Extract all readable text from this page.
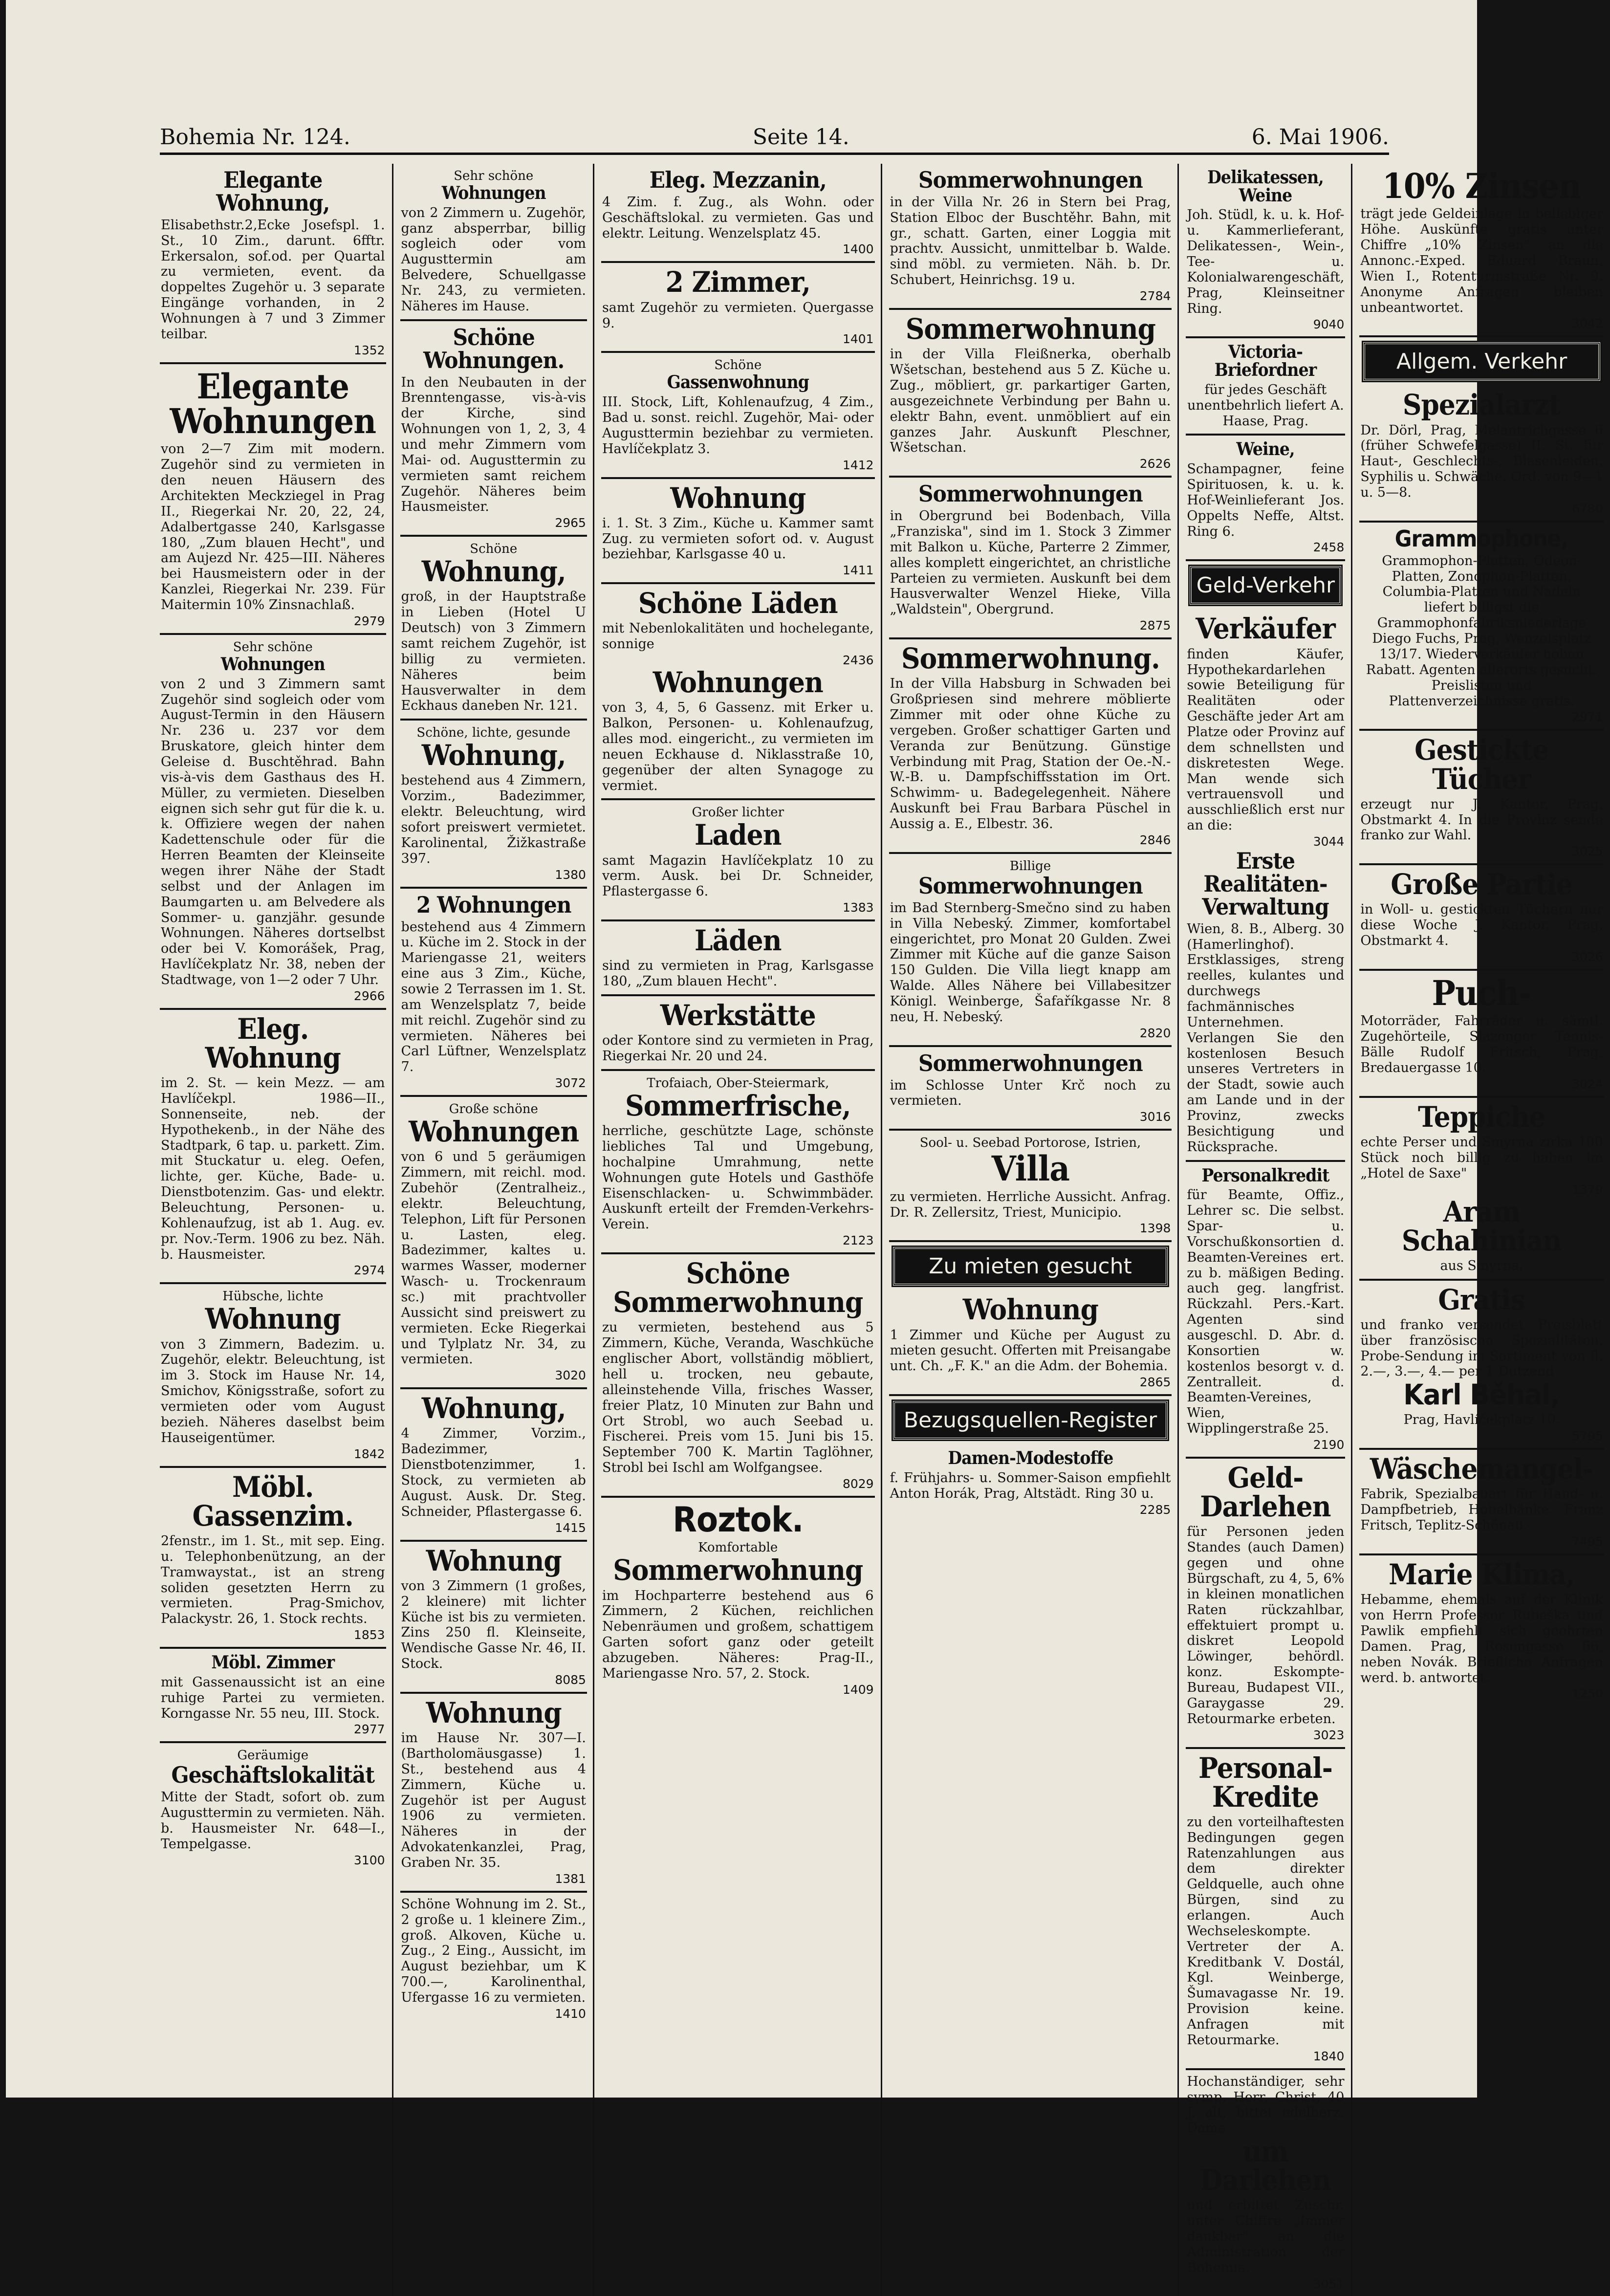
Bohemia Nr. 124.	Seite 14.	6. Mai 1906.
Elegante Wohnung,

Elisabethstr.2,Ecke Josefspl. 1. St., 10 Zim., darunt. 6fftr. Erkersalon, sof.od. per Quartal zu vermieten, event. da doppeltes Zugehör u. 3 separate Eingänge vorhanden, in 2 Wohnungen à 7 und 3 Zimmer teilbar.

1352
Elegante Wohnungen

von 2—7 Zim mit modern. Zugehör sind zu vermieten in den neuen Häusern des Architekten Meckziegel in Prag II., Riegerkai Nr. 20, 22, 24, Adalbertgasse 240, Karlsgasse 180, „Zum blauen Hecht", und am Aujezd Nr. 425—III. Näheres bei Hausmeistern oder in der Kanzlei, Riegerkai Nr. 239. Für Maitermin 10% Zinsnachlaß.

2979
Sehr schöne
Wohnungen

von 2 und 3 Zimmern samt Zugehör sind sogleich oder vom August-Termin in den Häusern Nr. 236 u. 237 vor dem Bruskatore, gleich hinter dem Geleise d. Buschtěhrad. Bahn vis-à-vis dem Gasthaus des H. Müller, zu vermieten. Dieselben eignen sich sehr gut für die k. u. k. Offiziere wegen der nahen Kadettenschule oder für die Herren Beamten der Kleinseite wegen ihrer Nähe der Stadt selbst und der Anlagen im Baumgarten u. am Belvedere als Sommer- u. ganzjähr. gesunde Wohnungen. Näheres dortselbst oder bei V. Komorášek, Prag, Havlíčekplatz Nr. 38, neben der Stadtwage, von 1—2 oder 7 Uhr.

2966
Eleg. Wohnung

im 2. St. — kein Mezz. — am Havlíčekpl. 1986—II., Sonnenseite, neb. der Hypothekenb., in der Nähe des Stadtpark, 6 tap. u. parkett. Zim. mit Stuckatur u. eleg. Oefen, lichte, ger. Küche, Bade- u. Dienstbotenzim. Gas- und elektr. Beleuchtung, Personen- u. Kohlenaufzug, ist ab 1. Aug. ev. pr. Nov.-Term. 1906 zu bez. Näh. b. Hausmeister.

2974
Hübsche, lichte
Wohnung

von 3 Zimmern, Badezim. u. Zugehör, elektr. Beleuchtung, ist im 3. Stock im Hause Nr. 14, Smichov, Königsstraße, sofort zu vermieten oder vom August bezieh. Näheres daselbst beim Hauseigentümer.

1842
Möbl. Gassenzim.

2fenstr., im 1. St., mit sep. Eing. u. Telephonbenützung, an der Tramwaystat., ist an streng soliden gesetzten Herrn zu vermieten. Prag-Smichov, Palackystr. 26, 1. Stock rechts.

1853
Möbl. Zimmer

mit Gassenaussicht ist an eine ruhige Partei zu vermieten. Korngasse Nr. 55 neu, III. Stock.

2977
Geräumige
Geschäftslokalität

Mitte der Stadt, sofort ob. zum Augusttermin zu vermieten. Näh. b. Hausmeister Nr. 648—I., Tempelgasse.

3100
Sehr schöne
Wohnungen

von 2 Zimmern u. Zugehör, ganz absperrbar, billig sogleich oder vom Augusttermin am Belvedere, Schuellgasse Nr. 243, zu vermieten. Näheres im Hause.

Schöne Wohnungen.

In den Neubauten in der Brenntengasse, vis-à-vis der Kirche, sind Wohnungen von 1, 2, 3, 4 und mehr Zimmern vom Mai- od. Augusttermin zu vermieten samt reichem Zugehör. Näheres beim Hausmeister.

2965
Schöne
Wohnung,

groß, in der Hauptstraße in Lieben (Hotel U Deutsch) von 3 Zimmern samt reichem Zugehör, ist billig zu vermieten. Näheres beim Hausverwalter in dem Eckhaus daneben Nr. 121.

Schöne, lichte, gesunde
Wohnung,

bestehend aus 4 Zimmern, Vorzim., Badezimmer, elektr. Beleuchtung, wird sofort preiswert vermietet. Karolinental, Žižkastraße 397.

1380
2 Wohnungen

bestehend aus 4 Zimmern u. Küche im 2. Stock in der Mariengasse 21, weiters eine aus 3 Zim., Küche, sowie 2 Terrassen im 1. St. am Wenzelsplatz 7, beide mit reichl. Zugehör sind zu vermieten. Näheres bei Carl Lüftner, Wenzelsplatz 7.

3072
Große schöne
Wohnungen

von 6 und 5 geräumigen Zimmern, mit reichl. mod. Zubehör (Zentralheiz., elektr. Beleuchtung, Telephon, Lift für Personen u. Lasten, eleg. Badezimmer, kaltes u. warmes Wasser, moderner Wasch- u. Trockenraum sc.) mit prachtvoller Aussicht sind preiswert zu vermieten. Ecke Riegerkai und Tylplatz Nr. 34, zu vermieten.

3020
Wohnung,

4 Zimmer, Vorzim., Badezimmer, Dienstbotenzimmer, 1. Stock, zu vermieten ab August. Ausk. Dr. Steg. Schneider, Pflastergasse 6.

1415
Wohnung

von 3 Zimmern (1 großes, 2 kleinere) mit lichter Küche ist bis zu vermieten. Zins 250 fl. Kleinseite, Wendische Gasse Nr. 46, II. Stock.

8085
Wohnung

im Hause Nr. 307—I. (Bartholomäusgasse) 1. St., bestehend aus 4 Zimmern, Küche u. Zugehör ist per August 1906 zu vermieten. Näheres in der Advokatenkanzlei, Prag, Graben Nr. 35.

1381

Schöne Wohnung im 2. St., 2 große u. 1 kleinere Zim., groß. Alkoven, Küche u. Zug., 2 Eing., Aussicht, im August beziehbar, um K 700.—, Karolinenthal, Ufergasse 16 zu vermieten.

1410
Eleg. Mezzanin,

4 Zim. f. Zug., als Wohn. oder Geschäftslokal. zu vermieten. Gas und elektr. Leitung. Wenzelsplatz 45.

1400
2 Zimmer,

samt Zugehör zu vermieten. Quergasse 9.

1401
Schöne
Gassenwohnung

III. Stock, Lift, Kohlenaufzug, 4 Zim., Bad u. sonst. reichl. Zugehör, Mai- oder Augusttermin beziehbar zu vermieten. Havlíčekplatz 3.

1412
Wohnung

i. 1. St. 3 Zim., Küche u. Kammer samt Zug. zu vermieten sofort od. v. August beziehbar, Karlsgasse 40 u.

1411
Schöne Läden

mit Nebenlokalitäten und hochelegante, sonnige

2436
Wohnungen

von 3, 4, 5, 6 Gassenz. mit Erker u. Balkon, Personen- u. Kohlenaufzug, alles mod. eingericht., zu vermieten im neuen Eckhause d. Niklasstraße 10, gegenüber der alten Synagoge zu vermiet.

Großer lichter
Laden

samt Magazin Havlíčekplatz 10 zu verm. Ausk. bei Dr. Schneider, Pflastergasse 6.

1383
Läden

sind zu vermieten in Prag, Karlsgasse 180, „Zum blauen Hecht".

Werkstätte

oder Kontore sind zu vermieten in Prag, Riegerkai Nr. 20 und 24.

Trofaiach, Ober-Steiermark,
Sommerfrische,

herrliche, geschützte Lage, schönste liebliches Tal und Umgebung, hochalpine Umrahmung, nette Wohnungen gute Hotels und Gasthöfe Eisenschlacken- u. Schwimmbäder. Auskunft erteilt der Fremden-Verkehrs-Verein.

2123
Schöne Sommerwohnung

zu vermieten, bestehend aus 5 Zimmern, Küche, Veranda, Waschküche englischer Abort, vollständig möbliert, hell u. trocken, neu gebaute, alleinstehende Villa, frisches Wasser, freier Platz, 10 Minuten zur Bahn und Ort Strobl, wo auch Seebad u. Fischerei. Preis vom 15. Juni bis 15. September 700 K. Martin Taglöhner, Strobl bei Ischl am Wolfgangsee.

8029
Roztok.
Komfortable
Sommerwohnung

im Hochparterre bestehend aus 6 Zimmern, 2 Küchen, reichlichen Nebenräumen und großem, schattigem Garten sofort ganz oder geteilt abzugeben. Näheres: Prag-II., Mariengasse Nro. 57, 2. Stock.

1409
Sommerwohnungen

in der Villa Nr. 26 in Stern bei Prag, Station Elboc der Buschtěhr. Bahn, mit gr., schatt. Garten, einer Loggia mit prachtv. Aussicht, unmittelbar b. Walde. sind möbl. zu vermieten. Näh. b. Dr. Schubert, Heinrichsg. 19 u.

2784
Sommerwohnung

in der Villa Fleißnerka, oberhalb Wšetschan, bestehend aus 5 Z. Küche u. Zug., möbliert, gr. parkartiger Garten, ausgezeichnete Verbindung per Bahn u. elektr Bahn, event. unmöbliert auf ein ganzes Jahr. Auskunft Pleschner, Wšetschan.

2626
Sommerwohnungen

in Obergrund bei Bodenbach, Villa „Franziska", sind im 1. Stock 3 Zimmer mit Balkon u. Küche, Parterre 2 Zimmer, alles komplett eingerichtet, an christliche Parteien zu vermieten. Auskunft bei dem Hausverwalter Wenzel Hieke, Villa „Waldstein", Obergrund.

2875
Sommerwohnung.

In der Villa Habsburg in Schwaden bei Großpriesen sind mehrere möblierte Zimmer mit oder ohne Küche zu vergeben. Großer schattiger Garten und Veranda zur Benützung. Günstige Verbindung mit Prag, Station der Oe.-N.-W.-B. u. Dampfschiffsstation im Ort. Schwimm- u. Badegelegenheit. Nähere Auskunft bei Frau Barbara Püschel in Aussig a. E., Elbestr. 36.

2846
Billige
Sommerwohnungen

im Bad Sternberg-Smečno sind zu haben in Villa Nebeský. Zimmer, komfortabel eingerichtet, pro Monat 20 Gulden. Zwei Zimmer mit Küche auf die ganze Saison 150 Gulden. Die Villa liegt knapp am Walde. Alles Nähere bei Villabesitzer Königl. Weinberge, Šafaříkgasse Nr. 8 neu, H. Nebeský.

2820
Sommerwohnungen

im Schlosse Unter Krč noch zu vermieten.

3016
Sool- u. Seebad Portorose, Istrien,
Villa

zu vermieten. Herrliche Aussicht. Anfrag. Dr. R. Zellersitz, Triest, Municipio.

1398
Zu mieten gesucht
Wohnung

1 Zimmer und Küche per August zu mieten gesucht. Offerten mit Preisangabe unt. Ch. „F. K." an die Adm. der Bohemia.

2865
Bezugsquellen-Register
Damen-Modestoffe

f. Frühjahrs- u. Sommer-Saison empfiehlt Anton Horák, Prag, Altstädt. Ring 30 u.

2285
Delikatessen, Weine

Joh. Stüdl, k. u. k. Hof- u. Kammerlieferant, Delikatessen-, Wein-, Tee- u. Kolonialwarengeschäft, Prag, Kleinseitner Ring.

9040
Victoria-Briefordner

für jedes Geschäft unentbehrlich liefert A. Haase, Prag.

Weine,

Schampagner, feine Spirituosen, k. u. k. Hof-Weinlieferant Jos. Oppelts Neffe, Altst. Ring 6.

2458
Geld-Verkehr
Verkäufer

finden Käufer, Hypothekardarlehen sowie Beteiligung für Realitäten oder Geschäfte jeder Art am Platze oder Provinz auf dem schnellsten und diskretesten Wege. Man wende sich vertrauensvoll und ausschließlich erst nur an die:

3044
Erste Realitäten-Verwaltung

Wien, 8. B., Alberg. 30 (Hamerlinghof). Erstklassiges, streng reelles, kulantes und durchwegs fachmännisches Unternehmen. Verlangen Sie den kostenlosen Besuch unseres Vertreters in der Stadt, sowie auch am Lande und in der Provinz, zwecks Besichtigung und Rücksprache.

Personalkredit

für Beamte, Offiz., Lehrer sc. Die selbst. Spar- u. Vorschußkonsortien d. Beamten-Vereines ert. zu b. mäßigen Beding. auch geg. langfrist. Rückzahl. Pers.-Kart. Agenten sind ausgeschl. D. Abr. d. Konsortien w. kostenlos besorgt v. d. Zentralleit. d. Beamten-Vereines, Wien, Wipplingerstraße 25.

2190
Geld-Darlehen

für Personen jeden Standes (auch Damen) gegen und ohne Bürgschaft, zu 4, 5, 6% in kleinen monatlichen Raten rückzahlbar, effektuiert prompt u. diskret Leopold Löwinger, behördl. konz. Eskompte-Bureau, Budapest VII., Garaygasse 29. Retourmarke erbeten.

3023
Personal-Kredite

zu den vorteilhaftesten Bedingungen gegen Ratenzahlungen aus dem direkter Geldquelle, auch ohne Bürgen, sind zu erlangen. Auch Wechseleskompte. Vertreter der A. Kreditbank V. Dostál, Kgl. Weinberge, Šumavagasse Nr. 19. Provision keine. Anfragen mit Retourmarke.

1840

Hochanständiger, sehr symp. Herr, Christ, 40 J. alt, bittet edelherz. Dame

um Darlehen

und erbittet Zuschr. unter Chiffre „Immer dankbar" an die Administration der Bohemia.

3051
10% Zinsen

trägt jede Geldeinlage in beliebiger Höhe. Auskünfte gratis unter Chiffre „10% Zinsen" an die Annonc.-Exped. Eduard Braun, Wien I., Rotenturmstraße Nr. 9. Anonyme Anfragen bleiben unbeantwortet.

3042
Allgem. Verkehr
Spezialarzt

Dr. Dörl, Prag, Melantrichgasse 6 (früher Schwefelgasse) II. St. für Haut-, Geschlechts-, Blasenleiden, Syphilis u. Schwäche. Ord. von 9—1 u. 5—8.

6780
Grammophone,

Grammophon-Platten, Odeon-Platten, Zonophon-Platten, Columbia-Platten und Nadeln liefert billigst die Grammophonfabriksniederlage Diego Fuchs, Prag, Wenzelsplatz 13/17. Wiederverkäufer hohen Rabatt. Agenten allerorts gesucht. Preislisten und Plattenverzeichnisse gratis.

2971
Gestickte Tücher

erzeugt nur J. Kantor, Prag, Obstmarkt 4. In die Provinz sende franko zur Wahl.

3025
Große Partie

in Woll- u. gestickten Tüchern nur diese Woche J. Kantor, Prag, Obstmarkt 4.

3026
Puch-

Motorräder, Fahrräder u. sämtl. Zugehörteile, Slazenger Tennis-Bälle Rudolf Fritsch, Prag, Bredauergasse 10.

3024
Teppiche

echte Perser und Smyrna zirka 100 Stück noch billig zu haben im „Hotel de Saxe"

1379
Aram Schahinian

aus Smyrna.

Gratis

und franko versendet Preisblatt über französische Spezialitäten, Probe-Sendung im Sortiment von fl. 2.—, 3.—, 4.— per 1 Dutzend

Karl Běhal,

Prag, Havlíčekplatz 10.

5795
Wäschemangel-

Fabrik, Spezialbauart für Hand- u. Dampfbetrieb, Hobelbänke. Franz Fritsch, Teplitz-Schönau.

7495
Marie Klima,

Hebamme, ehemals auf der Klinik von Herrn Professor Rubeška und Pawlik empfiehlt sich geehrten Damen. Prag, Rosengasse 66, neben Novák. Briefliche Anfragen werd. b. antwortet.

1250
